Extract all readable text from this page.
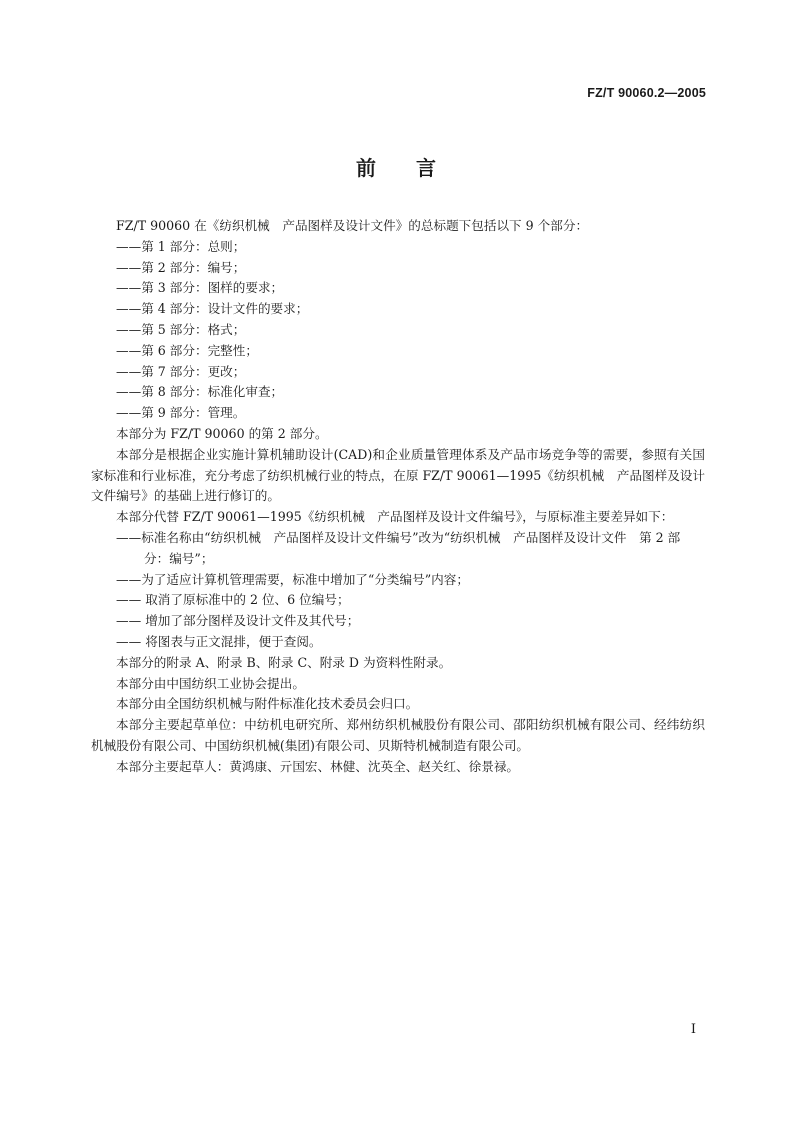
FZ/T 90060.2—2005
前 言

FZ/T 90060 在《纺织机械　产品图样及设计文件》的总标题下包括以下 9 个部分：

——第 1 部分：总则；

——第 2 部分：编号；

——第 3 部分：图样的要求；

——第 4 部分：设计文件的要求；

——第 5 部分：格式；

——第 6 部分：完整性；

——第 7 部分：更改；

——第 8 部分：标准化审查；

——第 9 部分：管理。

本部分为 FZ/T 90060 的第 2 部分。

本部分是根据企业实施计算机辅助设计(CAD)和企业质量管理体系及产品市场竞争等的需要，参照有关国家标准和行业标准，充分考虑了纺织机械行业的特点，在原 FZ/T 90061—1995《纺织机械　产品图样及设计文件编号》的基础上进行修订的。

本部分代替 FZ/T 90061—1995《纺织机械　产品图样及设计文件编号》，与原标准主要差异如下：

——标准名称由“纺织机械　产品图样及设计文件编号”改为“纺织机械　产品图样及设计文件　第 2 部分：编号”；

——为了适应计算机管理需要，标准中增加了“分类编号”内容；

—— 取消了原标准中的 2 位、6 位编号；

—— 增加了部分图样及设计文件及其代号；

—— 将图表与正文混排，便于查阅。

本部分的附录 A、附录 B、附录 C、附录 D 为资料性附录。

本部分由中国纺织工业协会提出。

本部分由全国纺织机械与附件标准化技术委员会归口。

本部分主要起草单位：中纺机电研究所、郑州纺织机械股份有限公司、邵阳纺织机械有限公司、经纬纺织机械股份有限公司、中国纺织机械(集团)有限公司、贝斯特机械制造有限公司。

本部分主要起草人：黄鸿康、亓国宏、林健、沈英全、赵关红、徐景禄。

I
